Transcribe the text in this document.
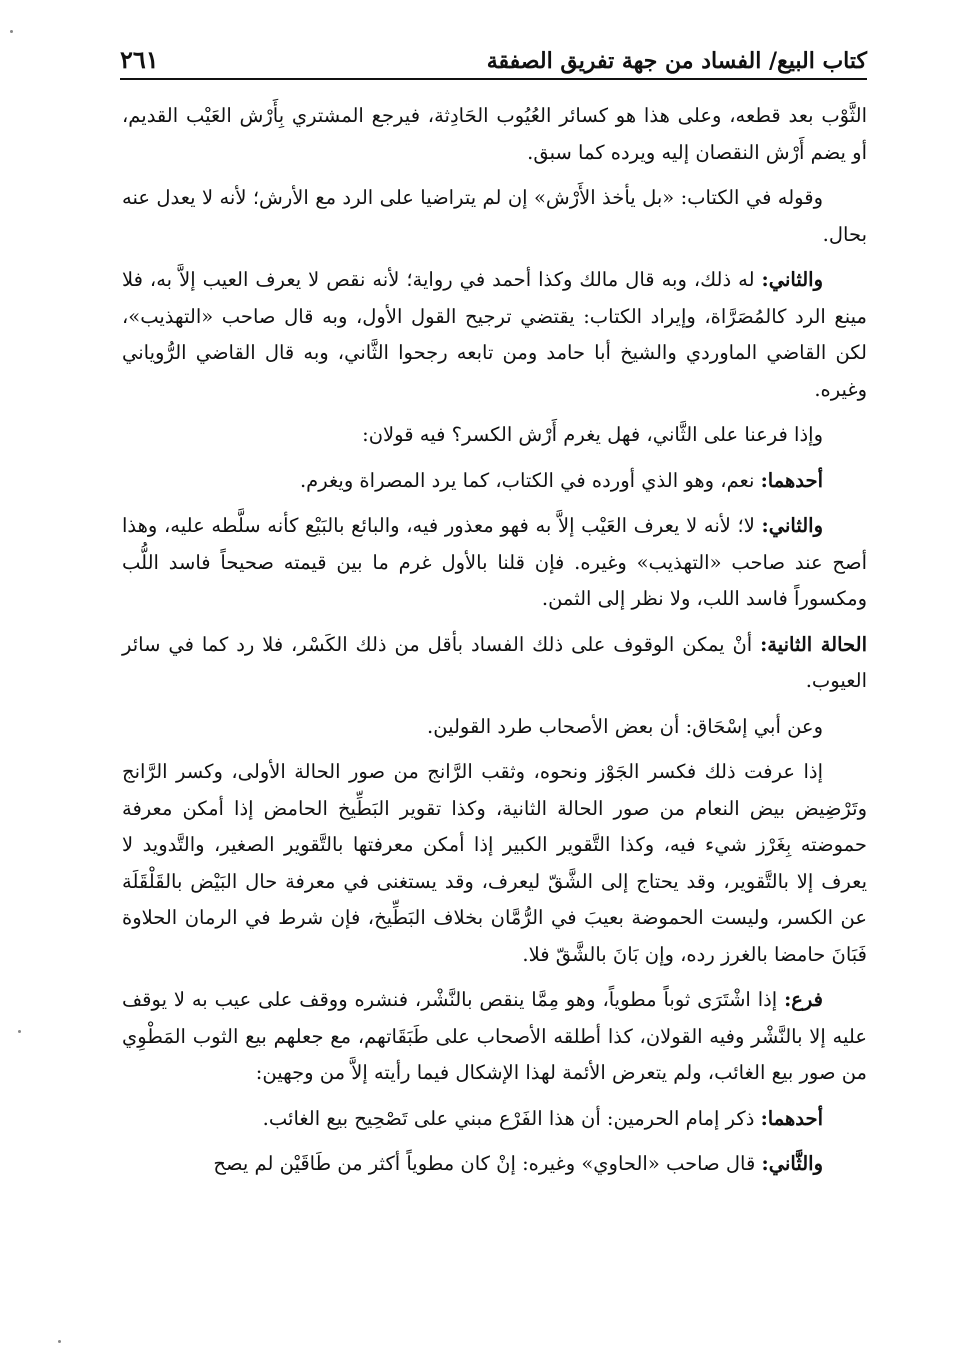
كتاب البيع/ الفساد من جهة تفريق الصفقة
٢٦١

الثَّوْب بعد قطعه، وعلى هذا هو كسائر العُيُوب الحَادِثة، فيرجع المشتري بِأَرْش العَيْب القديم، أو يضم أَرْش النقصان إليه ويرده كما سبق.

وقوله في الكتاب: «بل يأخذ الأَرْش» إن لم يتراضيا على الرد مع الأرش؛ لأنه لا يعدل عنه بحال.

والثاني: له ذلك، وبه قال مالك وكذا أحمد في رواية؛ لأنه نقص لا يعرف العيب إلاَّ به، فلا مينع الرد كالمُصَرَّاة، وإيراد الكتاب: يقتضي ترجيح القول الأول، وبه قال صاحب «التهذيب»، لكن القاضي الماوردي والشيخ أبا حامد ومن تابعه رجحوا الثَّاني، وبه قال القاضي الرُّوياني وغيره.

وإذا فرعنا على الثَّاني، فهل يغرم أَرْش الكسر؟ فيه قولان:

أحدهما: نعم، وهو الذي أورده في الكتاب، كما يرد المصراة ويغرم.

والثاني: لا؛ لأنه لا يعرف العَيْب إلاَّ به فهو معذور فيه، والبائع بالبَيْع كأنه سلَّطه عليه، وهذا أصح عند صاحب «التهذيب» وغيره. فإن قلنا بالأول غرم ما بين قيمته صحيحاً فاسد اللُّب ومكسوراً فاسد اللب، ولا نظر إلى الثمن.

الحالة الثانية: أنْ يمكن الوقوف على ذلك الفساد بأقل من ذلك الكَسْر، فلا رد كما في سائر العيوب.

وعن أبي إسْحَاق: أن بعض الأصحاب طرد القولين.

إذا عرفت ذلك فكسر الجَوْز ونحوه، وثقب الرَّانج من صور الحالة الأولى، وكسر الرَّانج وتَرْضِيض بيض النعام من صور الحالة الثانية، وكذا تقوير البَطِّيخ الحامض إذا أمكن معرفة حموضته بِغَرْز شيء فيه، وكذا التَّقوير الكبير إذا أمكن معرفتها بالتَّقوير الصغير، والتَّدويد لا يعرف إلا بالتَّقوير، وقد يحتاج إلى الشَّقّ ليعرف، وقد يستغنى في معرفة حال البَيْض بالقَلْقَلَة عن الكسر، وليست الحموضة بعيبَ في الرُّمَّان بخلاف البَطِّيخ، فإن شرط في الرمان الحلاوة فَبَانَ حامضا بالغرز رده، وإن بَانَ بالشَّقّ فلا.

فرع: إذا اشْتَرَى ثوباً مطوياً، وهو مِمَّا ينقص بالنَّشْر، فنشره ووقف على عيب به لا يوقف عليه إلا بالنَّشْر وفيه القولان، كذا أطلقه الأصحاب على طَبَقَاتهم، مع جعلهم بيع الثوب المَطْوِي من صور بيع الغائب، ولم يتعرض الأئمة لهذا الإشكال فيما رأيته إلاَّ من وجهين:

أحدهما: ذكر إمام الحرمين: أن هذا الفَرْع مبني على تَصْحِيح بيع الغائب.

والثَّاني: قال صاحب «الحاوي» وغيره: إنْ كان مطوياً أكثر من طَاقَيْن لم يصح
